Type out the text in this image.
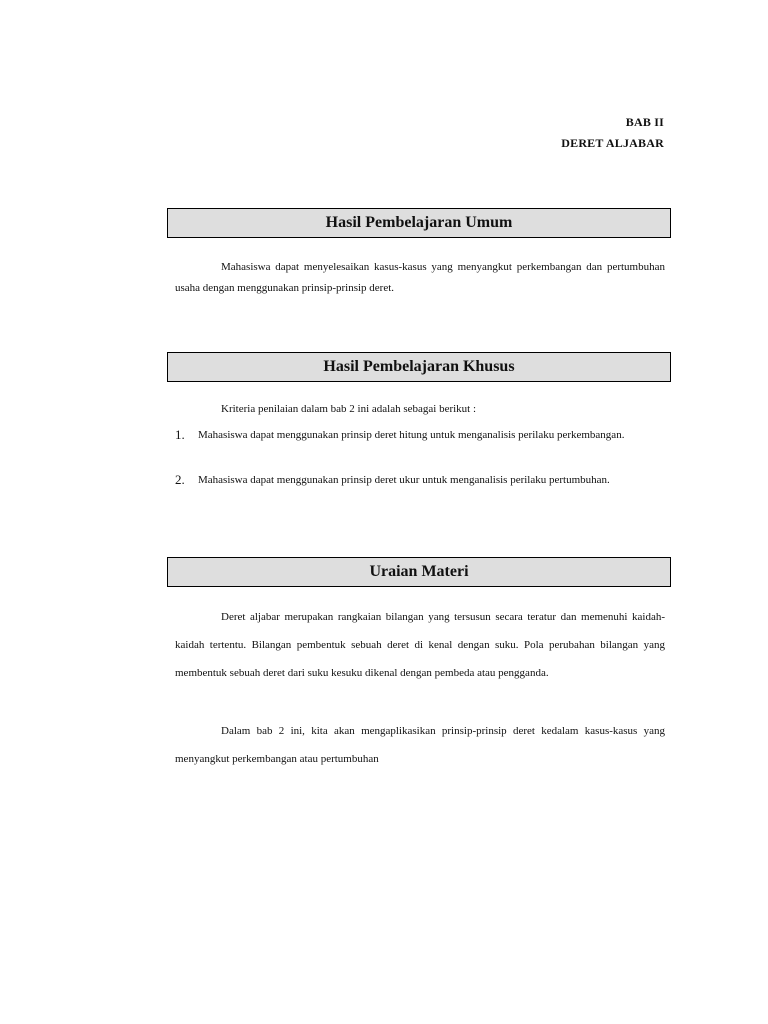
BAB II
DERET ALJABAR
Hasil Pembelajaran Umum
Mahasiswa dapat menyelesaikan kasus-kasus yang menyangkut perkembangan dan pertumbuhan usaha dengan menggunakan prinsip-prinsip deret.
Hasil Pembelajaran Khusus
Kriteria penilaian dalam bab 2 ini adalah sebagai berikut :
1. Mahasiswa dapat menggunakan prinsip deret hitung untuk menganalisis perilaku perkembangan.
2. Mahasiswa dapat menggunakan prinsip deret ukur untuk menganalisis perilaku pertumbuhan.
Uraian Materi
Deret aljabar merupakan rangkaian bilangan yang tersusun secara teratur dan memenuhi kaidah-kaidah tertentu. Bilangan pembentuk sebuah deret di kenal dengan suku. Pola perubahan bilangan yang membentuk sebuah deret dari suku kesuku dikenal dengan pembeda atau pengganda.
Dalam bab 2 ini, kita akan mengaplikasikan prinsip-prinsip deret kedalam kasus-kasus yang menyangkut perkembangan atau pertumbuhan
